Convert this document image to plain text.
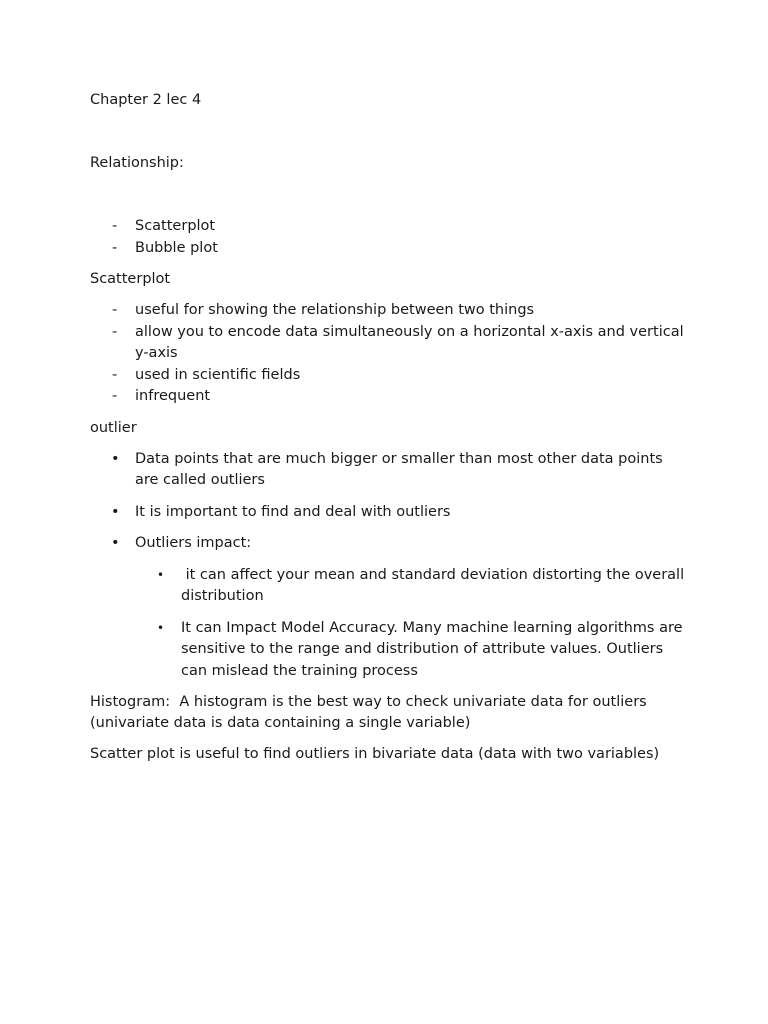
Chapter 2 lec 4

Relationship:

- Scatterplot
- Bubble plot

Scatterplot

- useful for showing the relationship between two things
- allow you to encode data simultaneously on a horizontal x-axis and vertical y-axis
- used in scientific fields
- infrequent

outlier

• Data points that are much bigger or smaller than most other data points are called outliers
• It is important to find and deal with outliers
• Outliers impact:
• it can affect your mean and standard deviation distorting the overall distribution
• It can Impact Model Accuracy. Many machine learning algorithms are sensitive to the range and distribution of attribute values. Outliers can mislead the training process

Histogram:  A histogram is the best way to check univariate data for outliers (univariate data is data containing a single variable)

Scatter plot is useful to find outliers in bivariate data (data with two variables)
